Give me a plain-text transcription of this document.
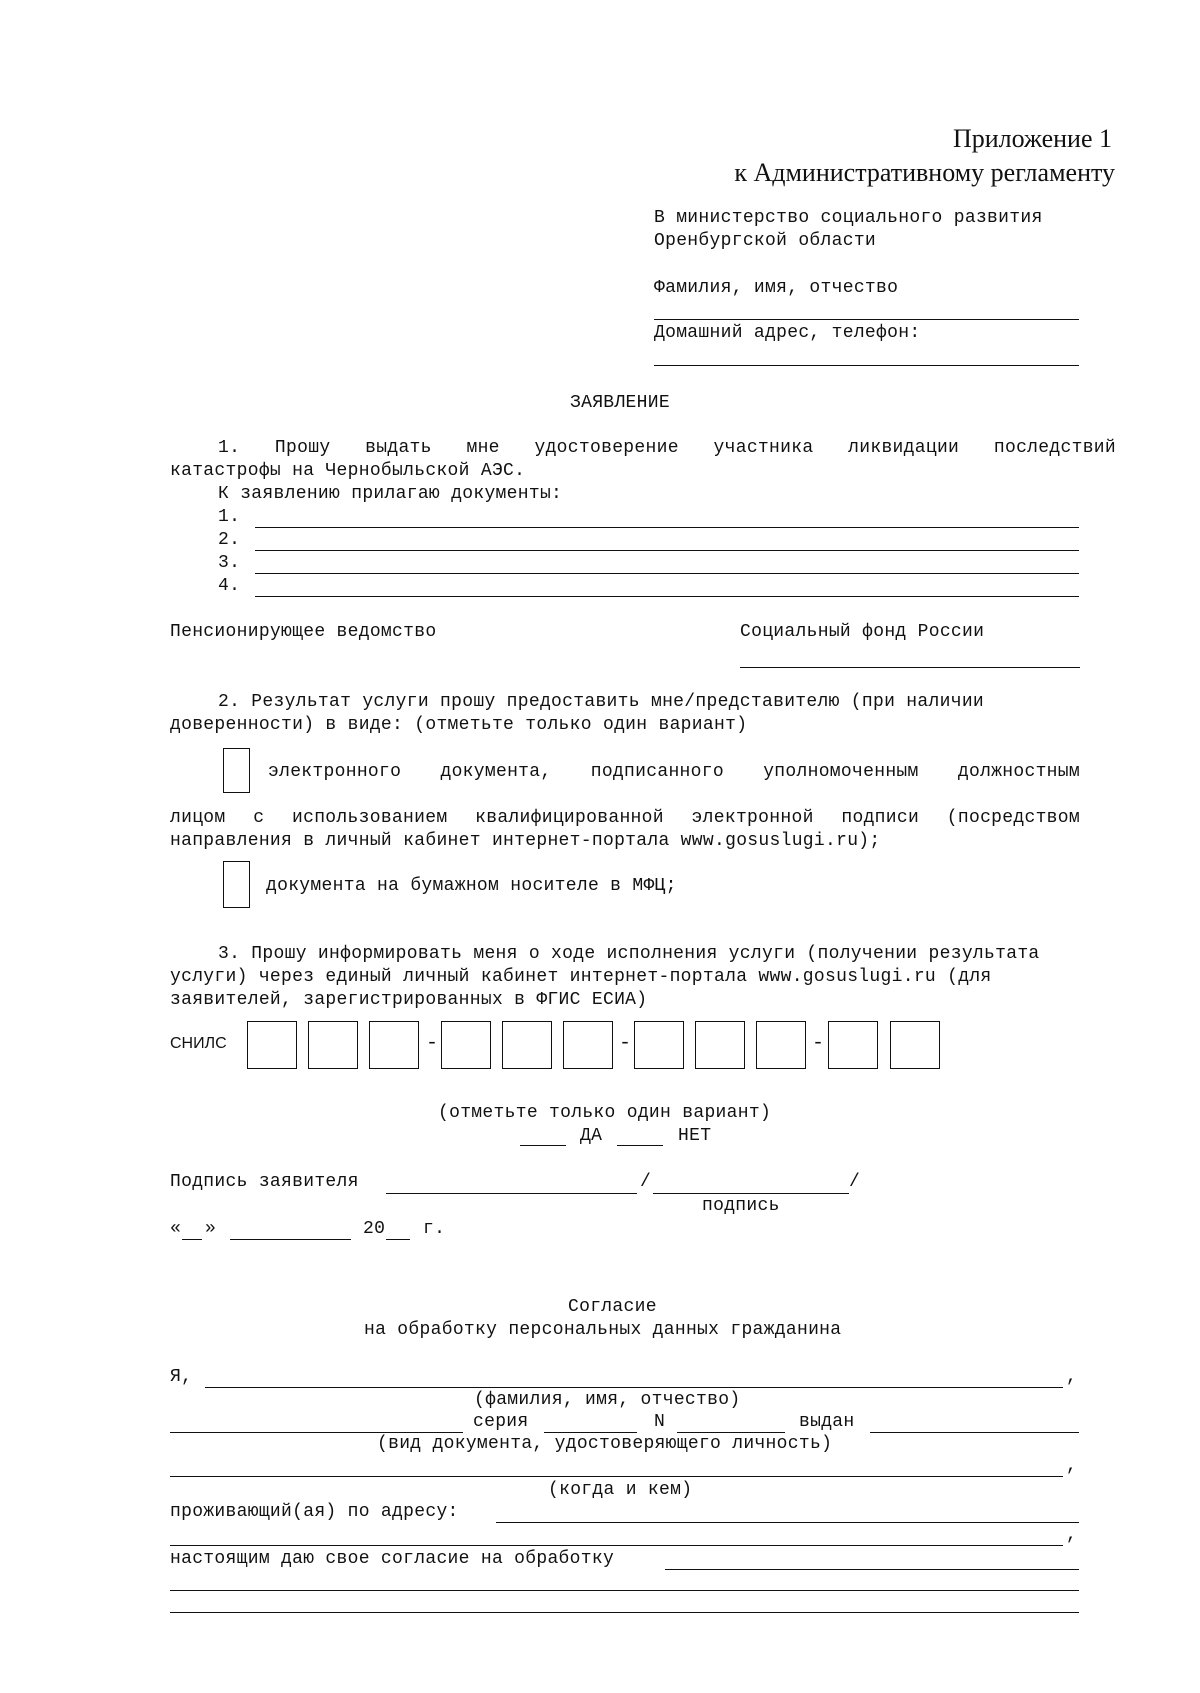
Приложение 1
к Административному регламенту
В министерство социального развития
Оренбургской области
Фамилия, имя, отчество
Домашний адрес, телефон:
ЗАЯВЛЕНИЕ
1. Прошу выдать мне удостоверение участника ликвидации последствий
катастрофы на Чернобыльской АЭС.
К заявлению прилагаю документы:
1.
2.
3.
4.
Пенсионирующее ведомство	Социальный фонд России
2. Результат услуги прошу предоставить мне/представителю (при наличии
доверенности) в виде: (отметьте только один вариант)
электронного документа, подписанного уполномоченным должностным
лицом с использованием квалифицированной электронной подписи (посредством
направления в личный кабинет интернет-портала www.gosuslugi.ru);
документа на бумажном носителе в МФЦ;
3. Прошу информировать меня о ходе исполнения услуги (получении результата
услуги) через единый личный кабинет интернет-портала www.gosuslugi.ru (для
заявителей, зарегистрированных в ФГИС ЕСИА)
СНИЛС	-	-	-
(отметьте только один вариант)
ДА	НЕТ
Подпись заявителя	/	/
подпись
« »	20 г.
Согласие
на обработку персональных данных гражданина
Я,	,
(фамилия, имя, отчество)
серия	N	выдан
(вид документа, удостоверяющего личность)
,
(когда и кем)
проживающий(ая) по адресу:
,
настоящим даю свое согласие на обработку
